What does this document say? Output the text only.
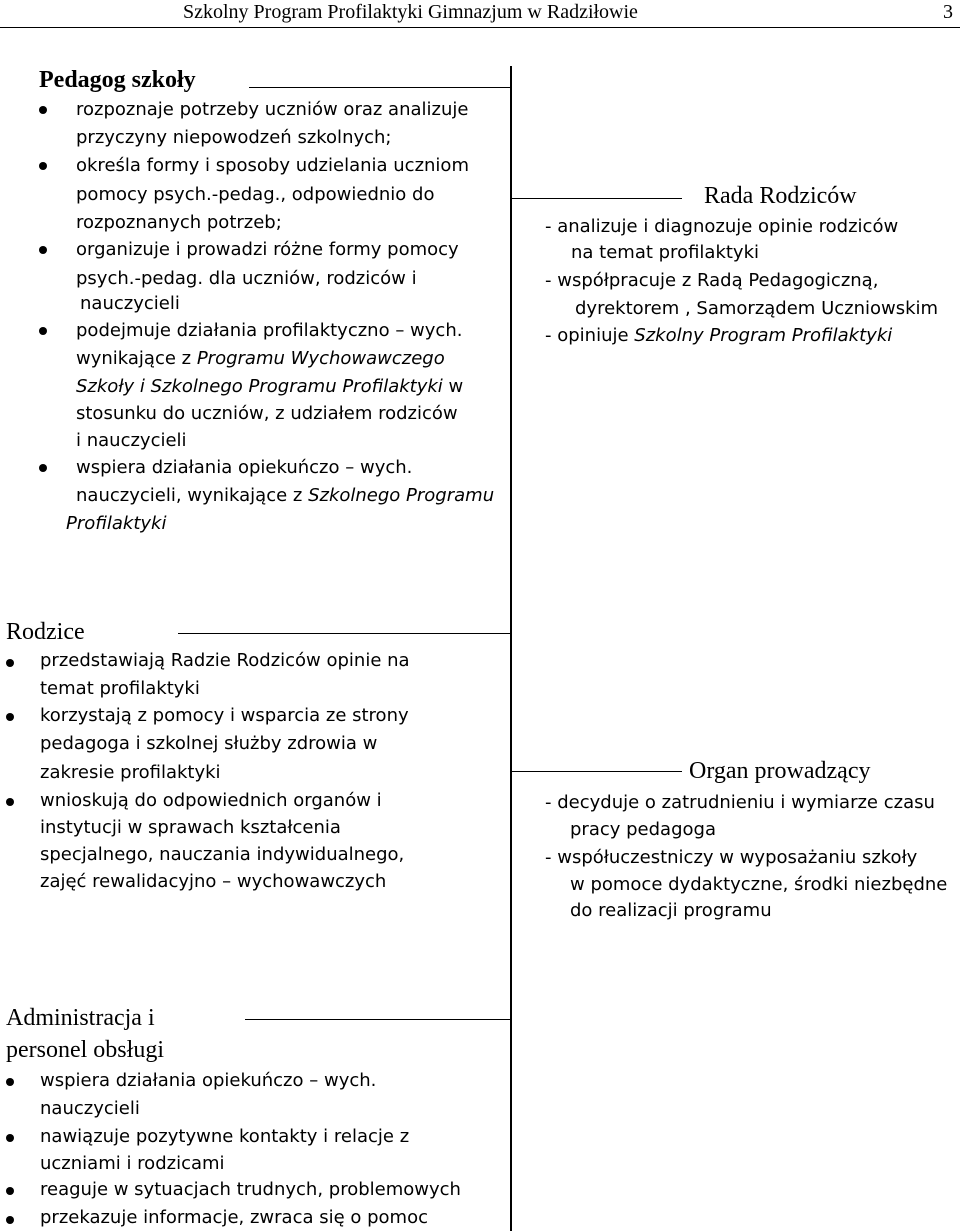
Szkolny Program Profilaktyki Gimnazjum w Radziłowie	3
Pedagog szkoły
rozpoznaje potrzeby uczniów oraz analizuje
przyczyny niepowodzeń szkolnych;
określa formy i sposoby udzielania uczniom
pomocy psych.-pedag., odpowiednio do
rozpoznanych potrzeb;
organizuje i prowadzi różne formy pomocy
psych.-pedag. dla uczniów, rodziców i
nauczycieli
podejmuje działania profilaktyczno – wych.
wynikające z Programu Wychowawczego
Szkoły i Szkolnego Programu Profilaktyki w
stosunku do uczniów, z udziałem rodziców
i nauczycieli
wspiera działania opiekuńczo – wych.
nauczycieli, wynikające z Szkolnego Programu
Profilaktyki
Rada Rodziców
- analizuje i diagnozuje opinie rodziców
na temat profilaktyki
- współpracuje z Radą Pedagogiczną,
dyrektorem , Samorządem Uczniowskim
- opiniuje Szkolny Program Profilaktyki
Rodzice
przedstawiają Radzie Rodziców opinie na
temat profilaktyki
korzystają z pomocy i wsparcia ze strony
pedagoga i szkolnej służby zdrowia w
zakresie profilaktyki
wnioskują do odpowiednich organów i
instytucji w sprawach kształcenia
specjalnego, nauczania indywidualnego,
zajęć rewalidacyjno – wychowawczych
Organ prowadzący
- decyduje o zatrudnieniu i wymiarze czasu
pracy pedagoga
- współuczestniczy w wyposażaniu szkoły
w pomoce dydaktyczne, środki niezbędne
do realizacji programu
Administracja i
personel obsługi
wspiera działania opiekuńczo – wych.
nauczycieli
nawiązuje pozytywne kontakty i relacje z
uczniami i rodzicami
reaguje w sytuacjach trudnych, problemowych
przekazuje informacje, zwraca się o pomoc
